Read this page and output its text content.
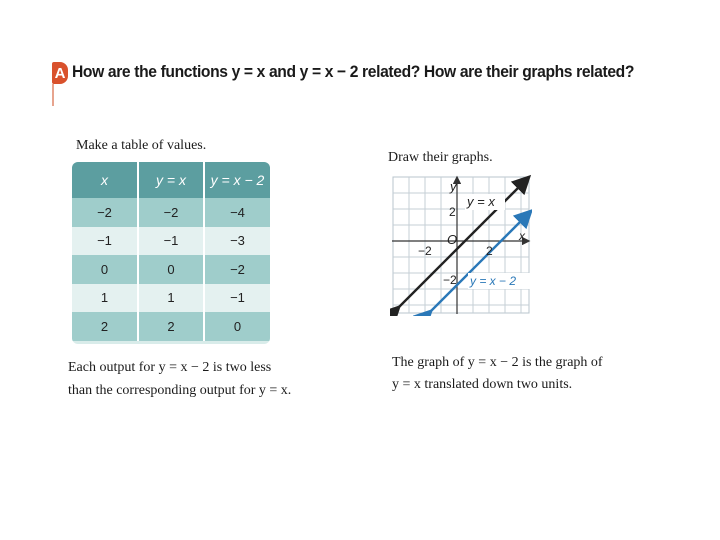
A How are the functions y = x and y = x − 2 related? How are their graphs related?
Make a table of values.
x	y = x	y = x − 2
−2	−2	−4
−1	−1	−3
0	0	−2
1	1	−1
2	2	0
Draw their graphs.
y
x
O
2
−2
2
−2
y = x
y = x − 2
Each output for y = x − 2 is two less
than the corresponding output for y = x.
The graph of y = x − 2 is the graph of
y = x translated down two units.
